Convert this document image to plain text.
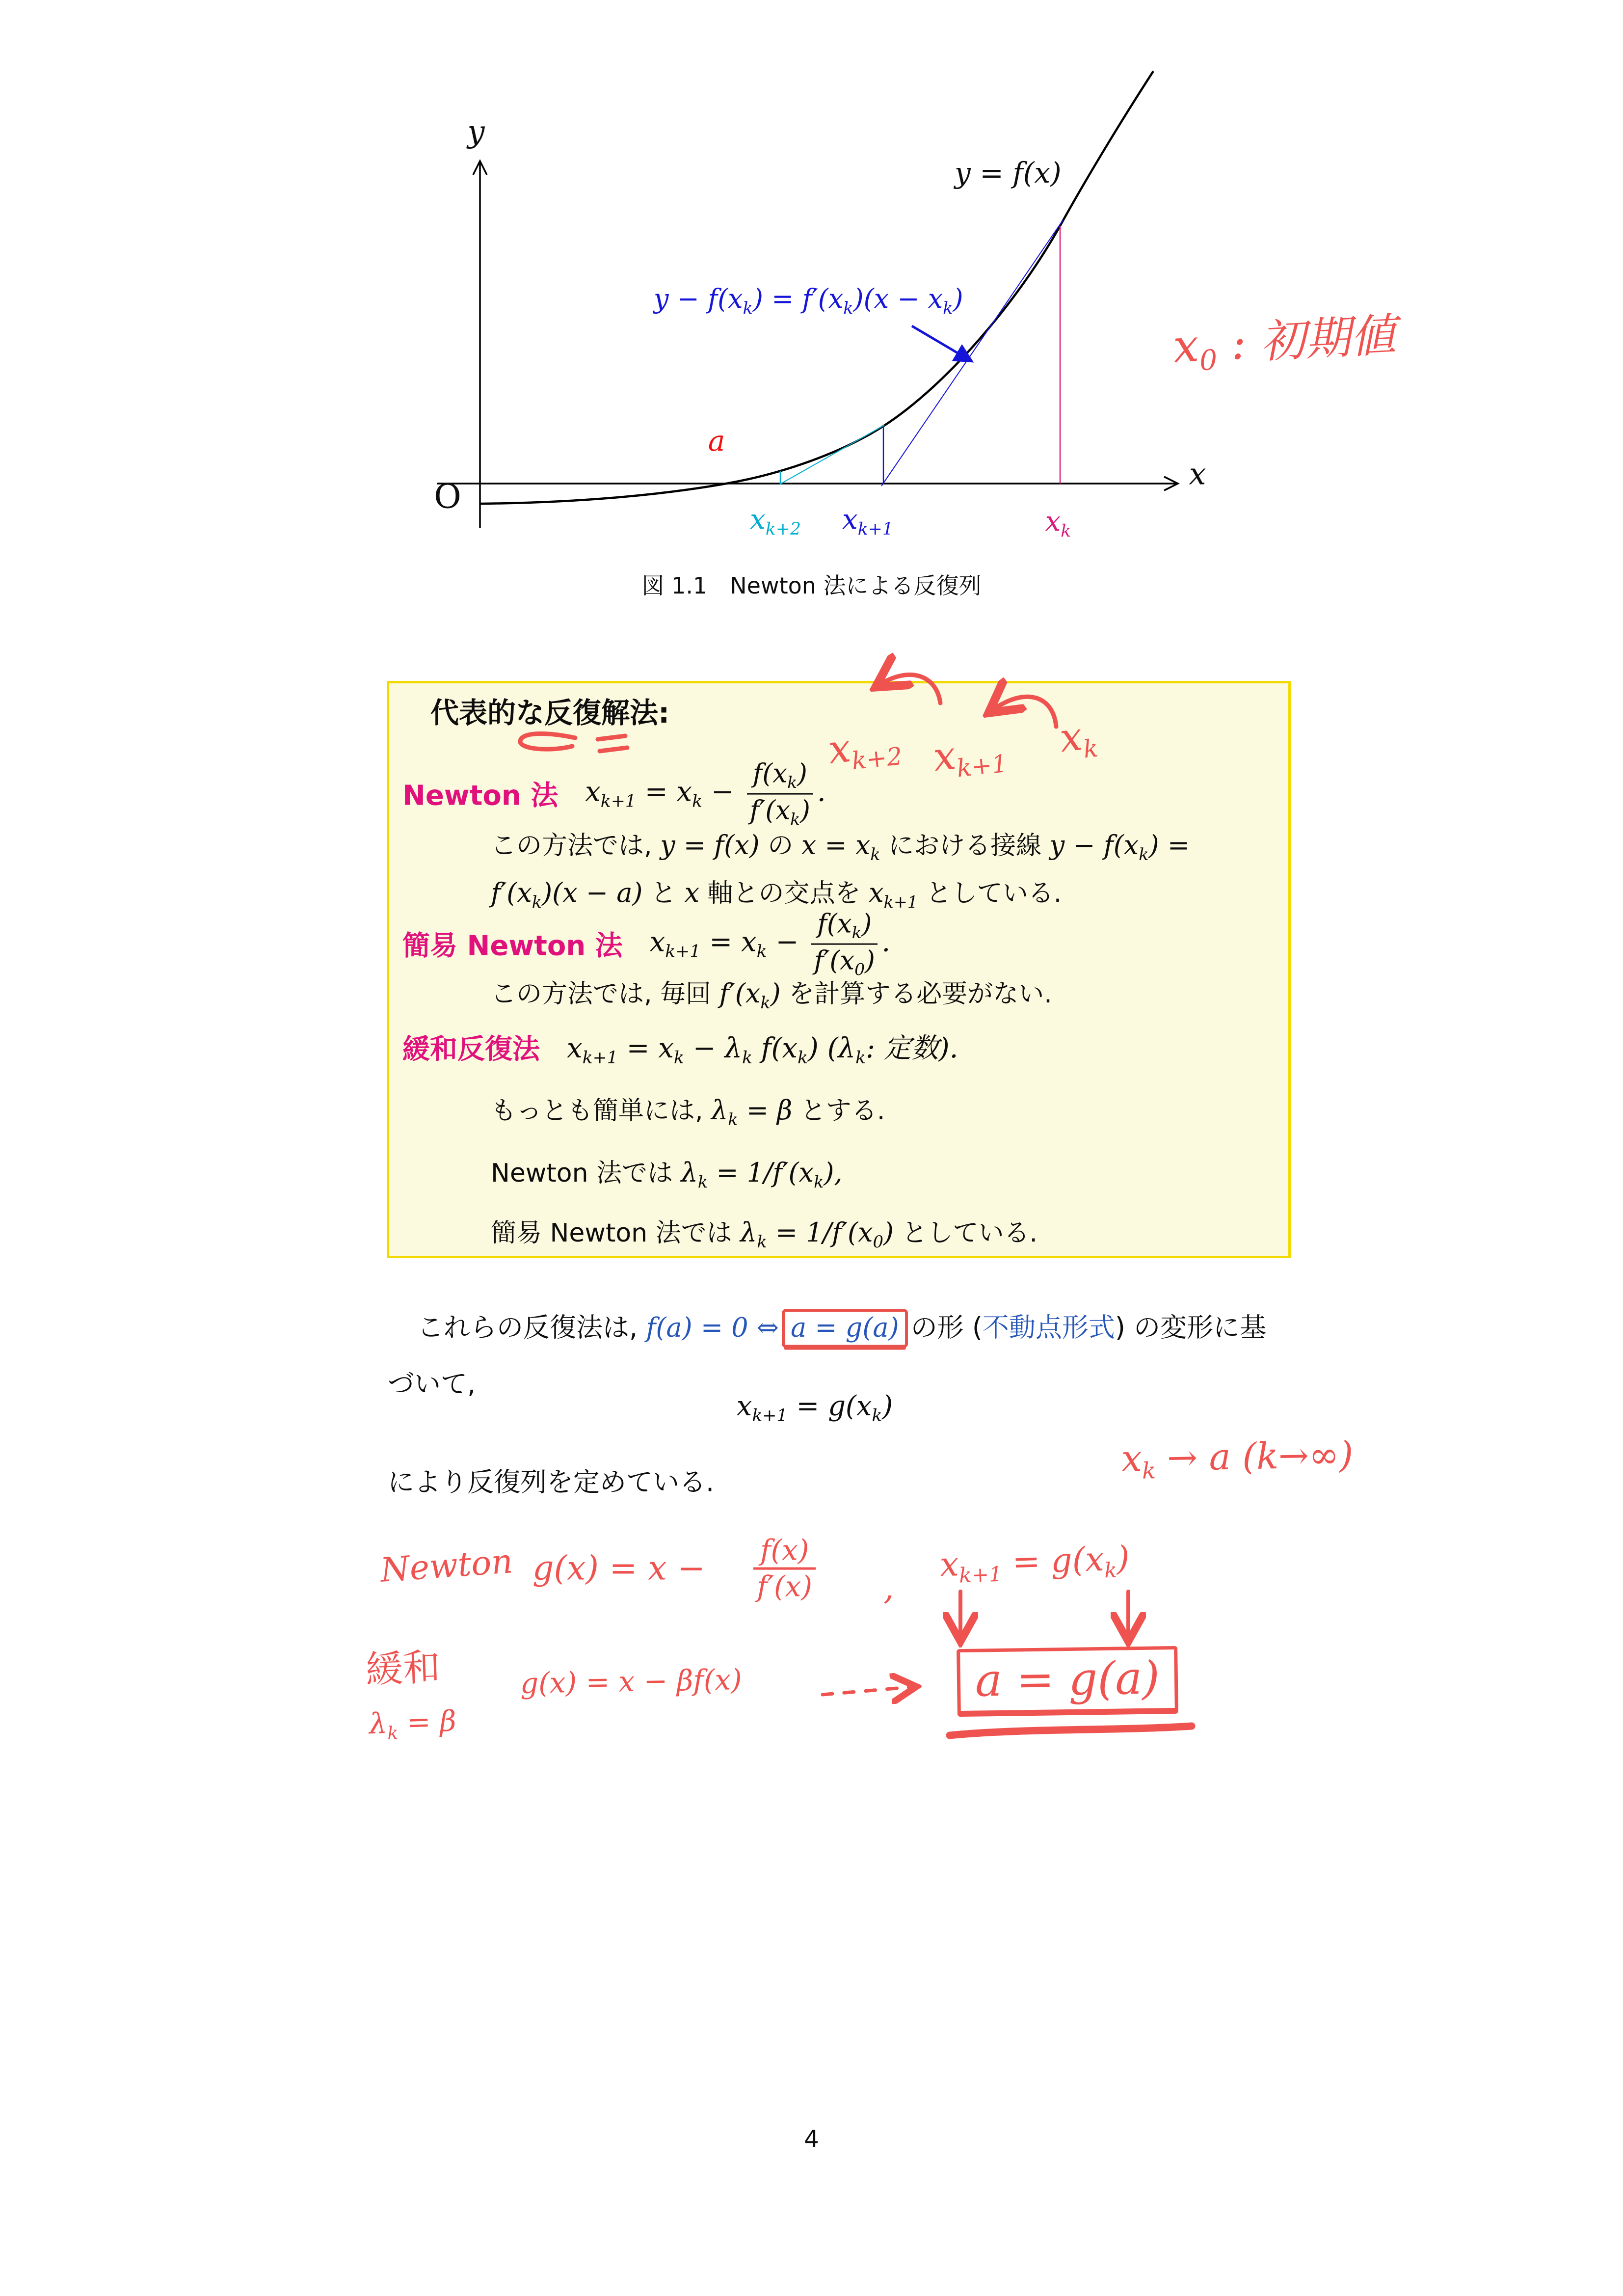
y
x
O
y = f(x)
$y - f(x_k) = f'(x_k)(x - x_k)$
a
$x_{k+2}$ $x_{k+1}$	$x_k$
図 1.1　Newton 法による反復列
代表的な反復解法:
Newton 法 $x_{k+1} = x_k - \frac{f(x_k)}{f'(x_k)}$ .
この方法では, y = f(x) の $x = x_k$ における接線 $y - f(x_k)$ =
$f'(x_k)(x - a)$ と x 軸との交点を $x_{k+1}$ としている.
簡易 Newton 法 $x_{k+1} = x_k - \frac{f(x_k)}{f'(x_0)}$ .
この方法では, 毎回 $f'(x_k)$ を計算する必要がない.
緩和反復法 $x_{k+1} = x_k - \lambda_k$ $f(x_k)$ ($\lambda_k$: 定数).
もっとも簡単には, $\lambda_k = \beta$ とする.
Newton 法では $\lambda_k = 1/f'(x_k)$,
簡易 Newton 法では $\lambda_k = 1/f'(x_0)$ としている.
これらの反復法は, f(a) = 0 ⇔ a = g(a) の形 (不動点形式) の変形に基
づいて,
$x_{k+1} = g(x_k)$
により反復列を定めている.
$x_0$ : 初期値
$x_{k+2}$ $x_{k+1}$
$x_k$
$x_k \to a$ (k→∞)
Newton $g(x) = x - \frac{f(x)}{f'(x)}$ ,
$x_{k+1} = g(x_k)$
緩和	g(x) = x − βf(x)	a = g(a)
$\lambda_k = \beta$
4
